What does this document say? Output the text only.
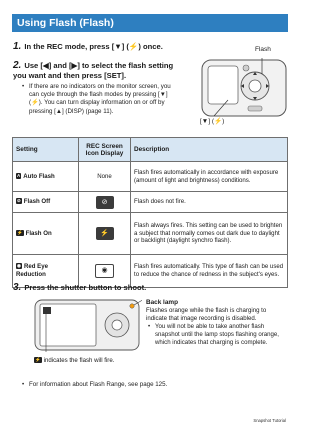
Using Flash (Flash)
1. In the REC mode, press [▼] (⚡) once.
2. Use [◀] and [▶] to select the flash setting you want and then press [SET].
• If there are no indicators on the monitor screen, you can cycle through the flash modes by pressing [▼] (⚡). You can turn display information on or off by pressing [▲] (DISP) (page 11).
Flash
[▼] (⚡)
Setting	REC Screen Icon Display	Description
A Auto Flash	None	Flash fires automatically in accordance with exposure (amount of light and brightness) conditions.
⊘ Flash Off	⊘	Flash does not fire.
⚡ Flash On	⚡	Flash always fires. This setting can be used to brighten a subject that normally comes out dark due to daylight or backlight (daylight synchro flash).
◉ Red Eye Reduction	◉	Flash fires automatically. This type of flash can be used to reduce the chance of redness in the subject's eyes.
3. Press the shutter button to shoot.
⚡ indicates the flash will fire.
Back lamp
Flashes orange while the flash is charging to indicate that image recording is disabled.
• You will not be able to take another flash snapshot until the lamp stops flashing orange, which indicates that charging is complete.
• For information about Flash Range, see page 125.
Snapshot Tutorial
